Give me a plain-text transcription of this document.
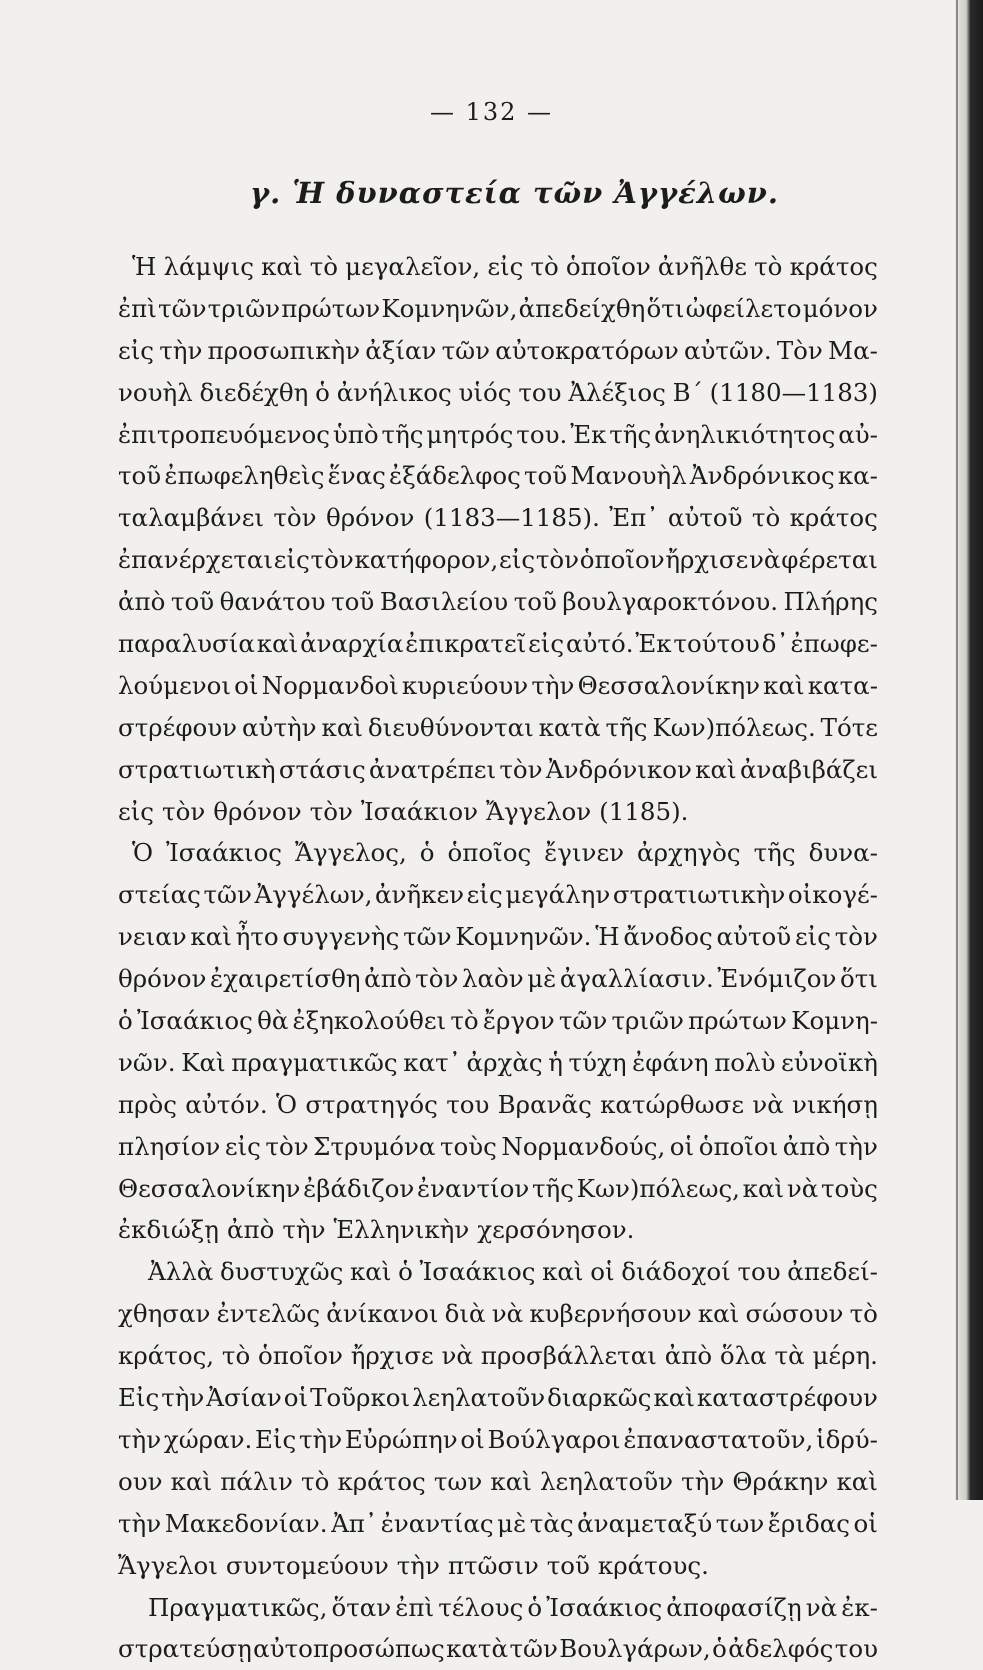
— 132 —
γ. Ἡ δυναστεία τῶν Ἀγγέλων.
Ἡ λάμψις καὶ τὸ μεγαλεῖον, εἰς τὸ ὁποῖον ἀνῆλθε τὸ κράτος
ἐπὶ τῶν τριῶν πρώτων Κομνηνῶν, ἀπεδείχθη ὅτι ὠφείλετο μόνον
εἰς τὴν προσωπικὴν ἀξίαν τῶν αὐτοκρατόρων αὐτῶν. Τὸν Μα-
νουὴλ διεδέχθη ὁ ἀνήλικος υἱός του Ἀλέξιος Β΄ (1180—1183)
ἐπιτροπευόμενος ὑπὸ τῆς μητρός του. Ἐκ τῆς ἀνηλικιότητος αὐ-
τοῦ ἐπωφεληθεὶς ἕνας ἐξάδελφος τοῦ Μανουὴλ Ἀνδρόνικος κα-
ταλαμβάνει τὸν θρόνον (1183—1185). Ἐπ᾽ αὐτοῦ τὸ κράτος
ἐπανέρχεται εἰς τὸν κατήφορον, εἰς τὸν ὁποῖον ἤρχισε νὰ φέρεται
ἀπὸ τοῦ θανάτου τοῦ Βασιλείου τοῦ βουλγαροκτόνου. Πλήρης
παραλυσία καὶ ἀναρχία ἐπικρατεῖ εἰς αὐτό. Ἐκ τούτου δ᾽ ἐπωφε-
λούμενοι οἱ Νορμανδοὶ κυριεύουν τὴν Θεσσαλονίκην καὶ κατα-
στρέφουν αὐτὴν καὶ διευθύνονται κατὰ τῆς Κων)πόλεως. Τότε
στρατιωτικὴ στάσις ἀνατρέπει τὸν Ἀνδρόνικον καὶ ἀναβιβάζει
εἰς τὸν θρόνον τὸν Ἰσαάκιον Ἄγγελον (1185).
Ὁ Ἰσαάκιος Ἄγγελος, ὁ ὁποῖος ἔγινεν ἀρχηγὸς τῆς δυνα-
στείας τῶν Ἀγγέλων, ἀνῆκεν εἰς μεγάλην στρατιωτικὴν οἰκογέ-
νειαν καὶ ἦτο συγγενὴς τῶν Κομνηνῶν. Ἡ ἄνοδος αὐτοῦ εἰς τὸν
θρόνον ἐχαιρετίσθη ἀπὸ τὸν λαὸν μὲ ἀγαλλίασιν. Ἐνόμιζον ὅτι
ὁ Ἰσαάκιος θὰ ἐξηκολούθει τὸ ἔργον τῶν τριῶν πρώτων Κομνη-
νῶν. Καὶ πραγματικῶς κατ᾽ ἀρχὰς ἡ τύχη ἐφάνη πολὺ εὐνοϊκὴ
πρὸς αὐτόν. Ὁ στρατηγός του Βρανᾶς κατώρθωσε νὰ νικήσῃ
πλησίον εἰς τὸν Στρυμόνα τοὺς Νορμανδούς, οἱ ὁποῖοι ἀπὸ τὴν
Θεσσαλονίκην ἐβάδιζον ἐναντίον τῆς Κων)πόλεως, καὶ νὰ τοὺς
ἐκδιώξῃ ἀπὸ τὴν Ἑλληνικὴν χερσόνησον.
Ἀλλὰ δυστυχῶς καὶ ὁ Ἰσαάκιος καὶ οἱ διάδοχοί του ἀπεδεί-
χθησαν ἐντελῶς ἀνίκανοι διὰ νὰ κυβερνήσουν καὶ σώσουν τὸ
κράτος, τὸ ὁποῖον ἤρχισε νὰ προσβάλλεται ἀπὸ ὅλα τὰ μέρη.
Εἰς τὴν Ἀσίαν οἱ Τοῦρκοι λεηλατοῦν διαρκῶς καὶ καταστρέφουν
τὴν χώραν. Εἰς τὴν Εὐρώπην οἱ Βούλγαροι ἐπαναστατοῦν, ἱδρύ-
ουν καὶ πάλιν τὸ κράτος των καὶ λεηλατοῦν τὴν Θράκην καὶ
τὴν Μακεδονίαν. Ἀπ᾽ ἐναντίας μὲ τὰς ἀναμεταξύ των ἔριδας οἱ
Ἄγγελοι συντομεύουν τὴν πτῶσιν τοῦ κράτους.
Πραγματικῶς, ὅταν ἐπὶ τέλους ὁ Ἰσαάκιος ἀποφασίζῃ νὰ ἐκ-
στρατεύσῃ αὐτοπροσώπως κατὰ τῶν Βουλγάρων, ὁ ἀδελφός του
